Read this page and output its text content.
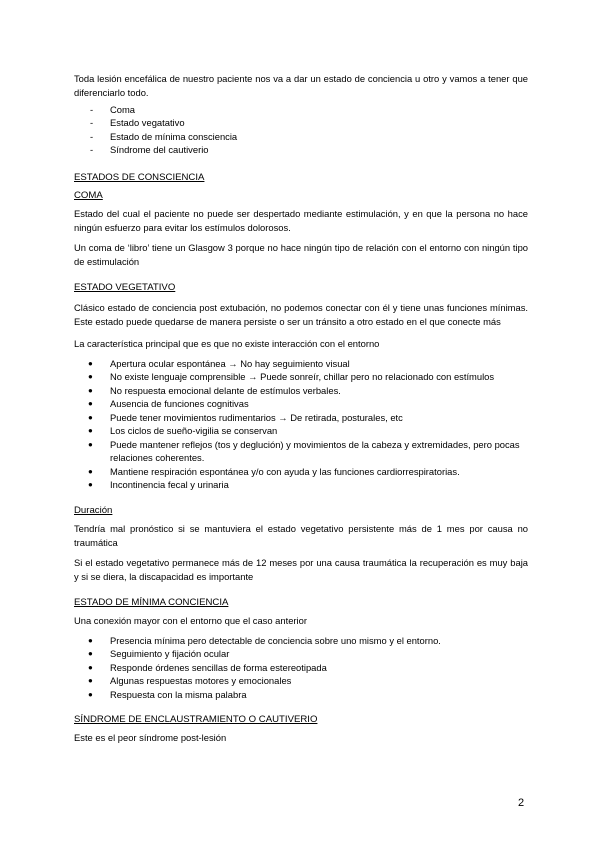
Toda lesión encefálica de nuestro paciente nos va a dar un estado de conciencia u otro y vamos a tener que diferenciarlo todo.

- Coma
- Estado vegatativo
- Estado de mínima consciencia
- Síndrome del cautiverio
ESTADOS DE CONSCIENCIA
COMA

Estado del cual el paciente no puede ser despertado mediante estimulación, y en que la persona no hace ningún esfuerzo para evitar los estímulos dolorosos.

Un coma de ‘libro’ tiene un Glasgow 3 porque no hace ningún tipo de relación con el entorno con ningún tipo de estimulación

ESTADO VEGETATIVO

Clásico estado de conciencia post extubación, no podemos conectar con él y tiene unas funciones mínimas. Este estado puede quedarse de manera persiste o ser un tránsito a otro estado en el que conecte más

La característica principal que es que no existe interacción con el entorno

● Apertura ocular espontánea → No hay seguimiento visual
● No existe lenguaje comprensible → Puede sonreír, chillar pero no relacionado con estímulos
● No respuesta emocional delante de estímulos verbales.
● Ausencia de funciones cognitivas
● Puede tener movimientos rudimentarios → De retirada, posturales, etc
● Los ciclos de sueño-vigilia se conservan
● Puede mantener reflejos (tos y deglución) y movimientos de la cabeza y extremidades, pero pocas relaciones coherentes.
● Mantiene respiración espontánea y/o con ayuda y las funciones cardiorrespiratorias.
● Incontinencia fecal y urinaria
Duración

Tendría mal pronóstico si se mantuviera el estado vegetativo persistente más de 1 mes por causa no traumática

Si el estado vegetativo permanece más de 12 meses por una causa traumática la recuperación es muy baja y si se diera, la discapacidad es importante

ESTADO DE MÍNIMA CONCIENCIA

Una conexión mayor con el entorno que el caso anterior

● Presencia mínima pero detectable de conciencia sobre uno mismo y el entorno.
● Seguimiento y fijación ocular
● Responde órdenes sencillas de forma estereotipada
● Algunas respuestas motores y emocionales
● Respuesta con la misma palabra
SÍNDROME DE ENCLAUSTRAMIENTO O CAUTIVERIO

Este es el peor síndrome post-lesión

2
